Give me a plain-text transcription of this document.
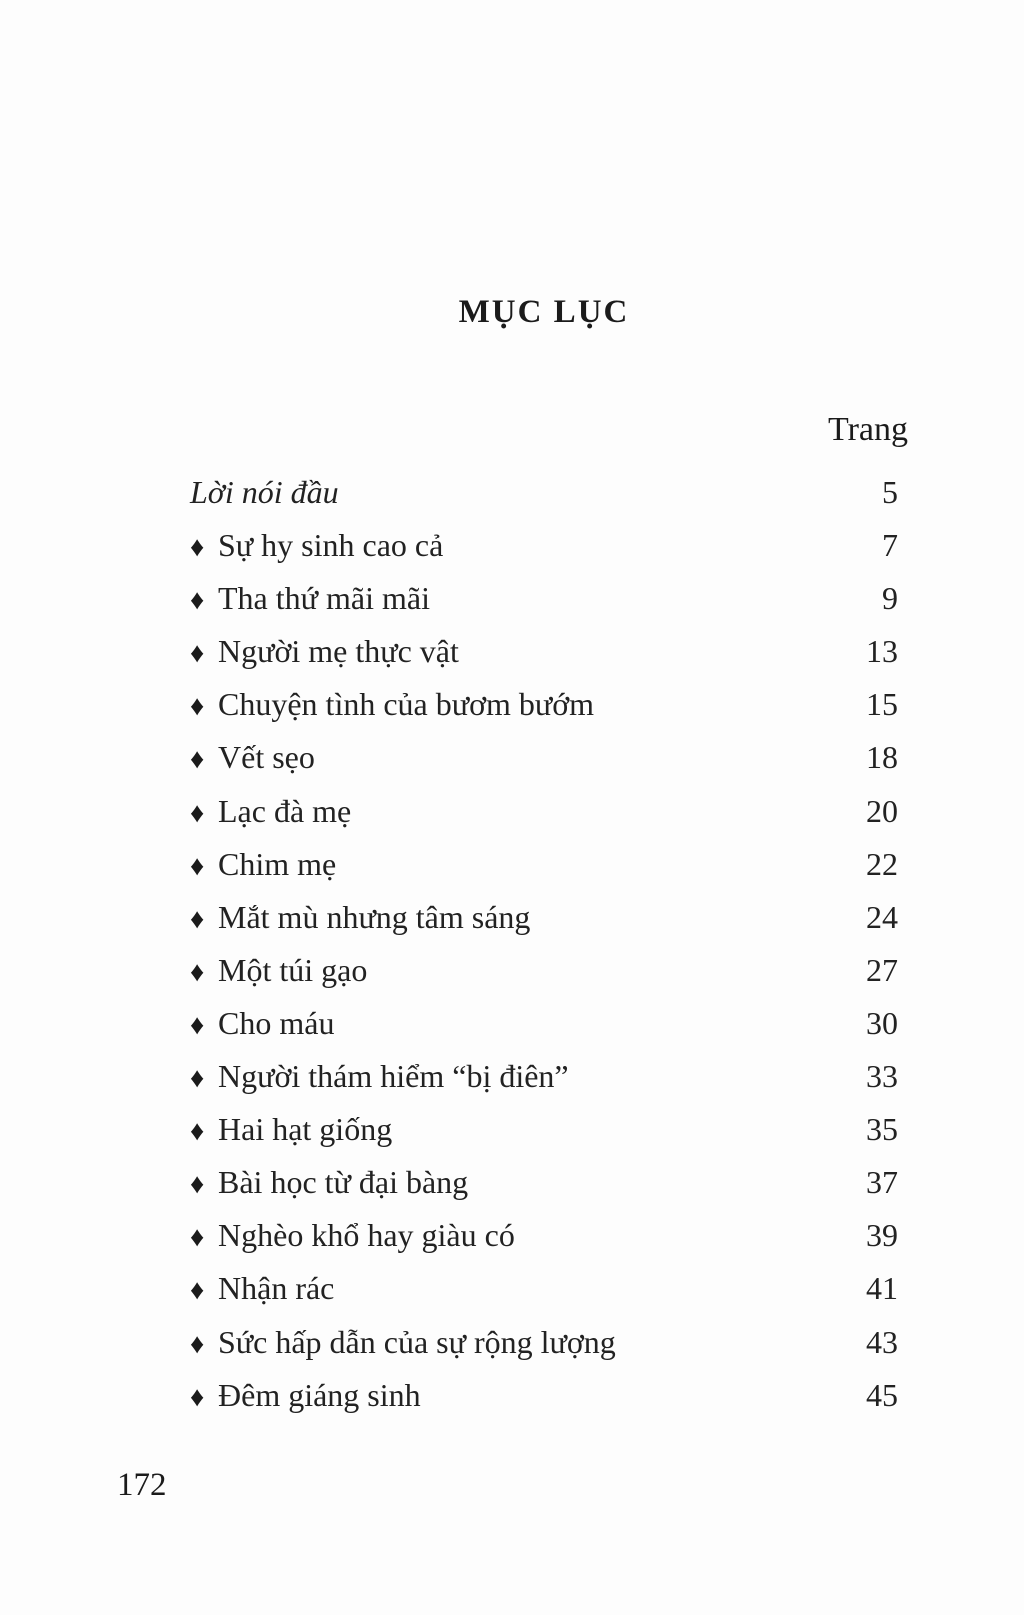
MỤC LỤC
Trang
Lời nói đầu	5
♦ Sự hy sinh cao cả	7
♦ Tha thứ mãi mãi	9
♦ Người mẹ thực vật	13
♦ Chuyện tình của bươm bướm	15
♦ Vết sẹo	18
♦ Lạc đà mẹ	20
♦ Chim mẹ	22
♦ Mắt mù nhưng tâm sáng	24
♦ Một túi gạo	27
♦ Cho máu	30
♦ Người thám hiểm “bị điên”	33
♦ Hai hạt giống	35
♦ Bài học từ đại bàng	37
♦ Nghèo khổ hay giàu có	39
♦ Nhận rác	41
♦ Sức hấp dẫn của sự rộng lượng	43
♦ Đêm giáng sinh	45
172
